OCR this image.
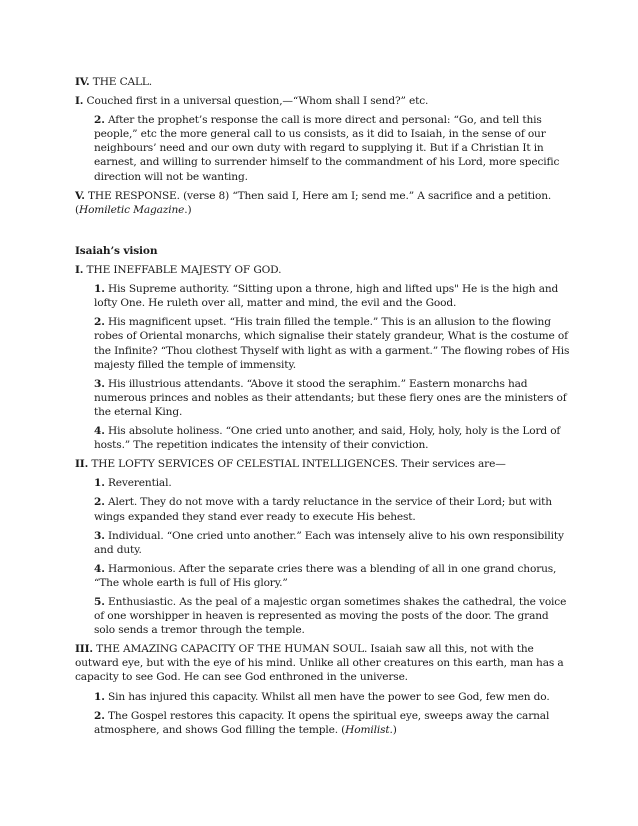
IV. THE CALL.

I. Couched first in a universal question,—“Whom shall I send?” etc.

2. After the prophet’s response the call is more direct and personal: “Go, and tell this people,” etc the more general call to us consists, as it did to Isaiah, in the sense of our neighbours’ need and our own duty with regard to supplying it. But if a Christian It in earnest, and willing to surrender himself to the commandment of his Lord, more specific direction will not be wanting.

V. THE RESPONSE. (verse 8) “Then said I, Here am I; send me.” A sacrifice and a petition. (Homiletic Magazine.)

Isaiah’s vision

I. THE INEFFABLE MAJESTY OF GOD.

1. His Supreme authority. “Sitting upon a throne, high and lifted ups" He is the high and lofty One. He ruleth over all, matter and mind, the evil and the Good.

2. His magnificent upset. “His train filled the temple.” This is an allusion to the flowing robes of Oriental monarchs, which signalise their stately grandeur, What is the costume of the Infinite? “Thou clothest Thyself with light as with a garment.” The flowing robes of His majesty filled the temple of immensity.

3. His illustrious attendants. “Above it stood the seraphim.” Eastern monarchs had numerous princes and nobles as their attendants; but these fiery ones are the ministers of the eternal King.

4. His absolute holiness. “One cried unto another, and said, Holy, holy, holy is the Lord of hosts.” The repetition indicates the intensity of their conviction.

II. THE LOFTY SERVICES OF CELESTIAL INTELLIGENCES. Their services are—

1. Reverential.

2. Alert. They do not move with a tardy reluctance in the service of their Lord; but with wings expanded they stand ever ready to execute His behest.

3. Individual. “One cried unto another.” Each was intensely alive to his own responsibility and duty.

4. Harmonious. After the separate cries there was a blending of all in one grand chorus, “The whole earth is full of His glory.”

5. Enthusiastic. As the peal of a majestic organ sometimes shakes the cathedral, the voice of one worshipper in heaven is represented as moving the posts of the door. The grand solo sends a tremor through the temple.

III. THE AMAZING CAPACITY OF THE HUMAN SOUL. Isaiah saw all this, not with the outward eye, but with the eye of his mind. Unlike all other creatures on this earth, man has a capacity to see God. He can see God enthroned in the universe.

1. Sin has injured this capacity. Whilst all men have the power to see God, few men do.

2. The Gospel restores this capacity. It opens the spiritual eye, sweeps away the carnal atmosphere, and shows God filling the temple. (Homilist.)
